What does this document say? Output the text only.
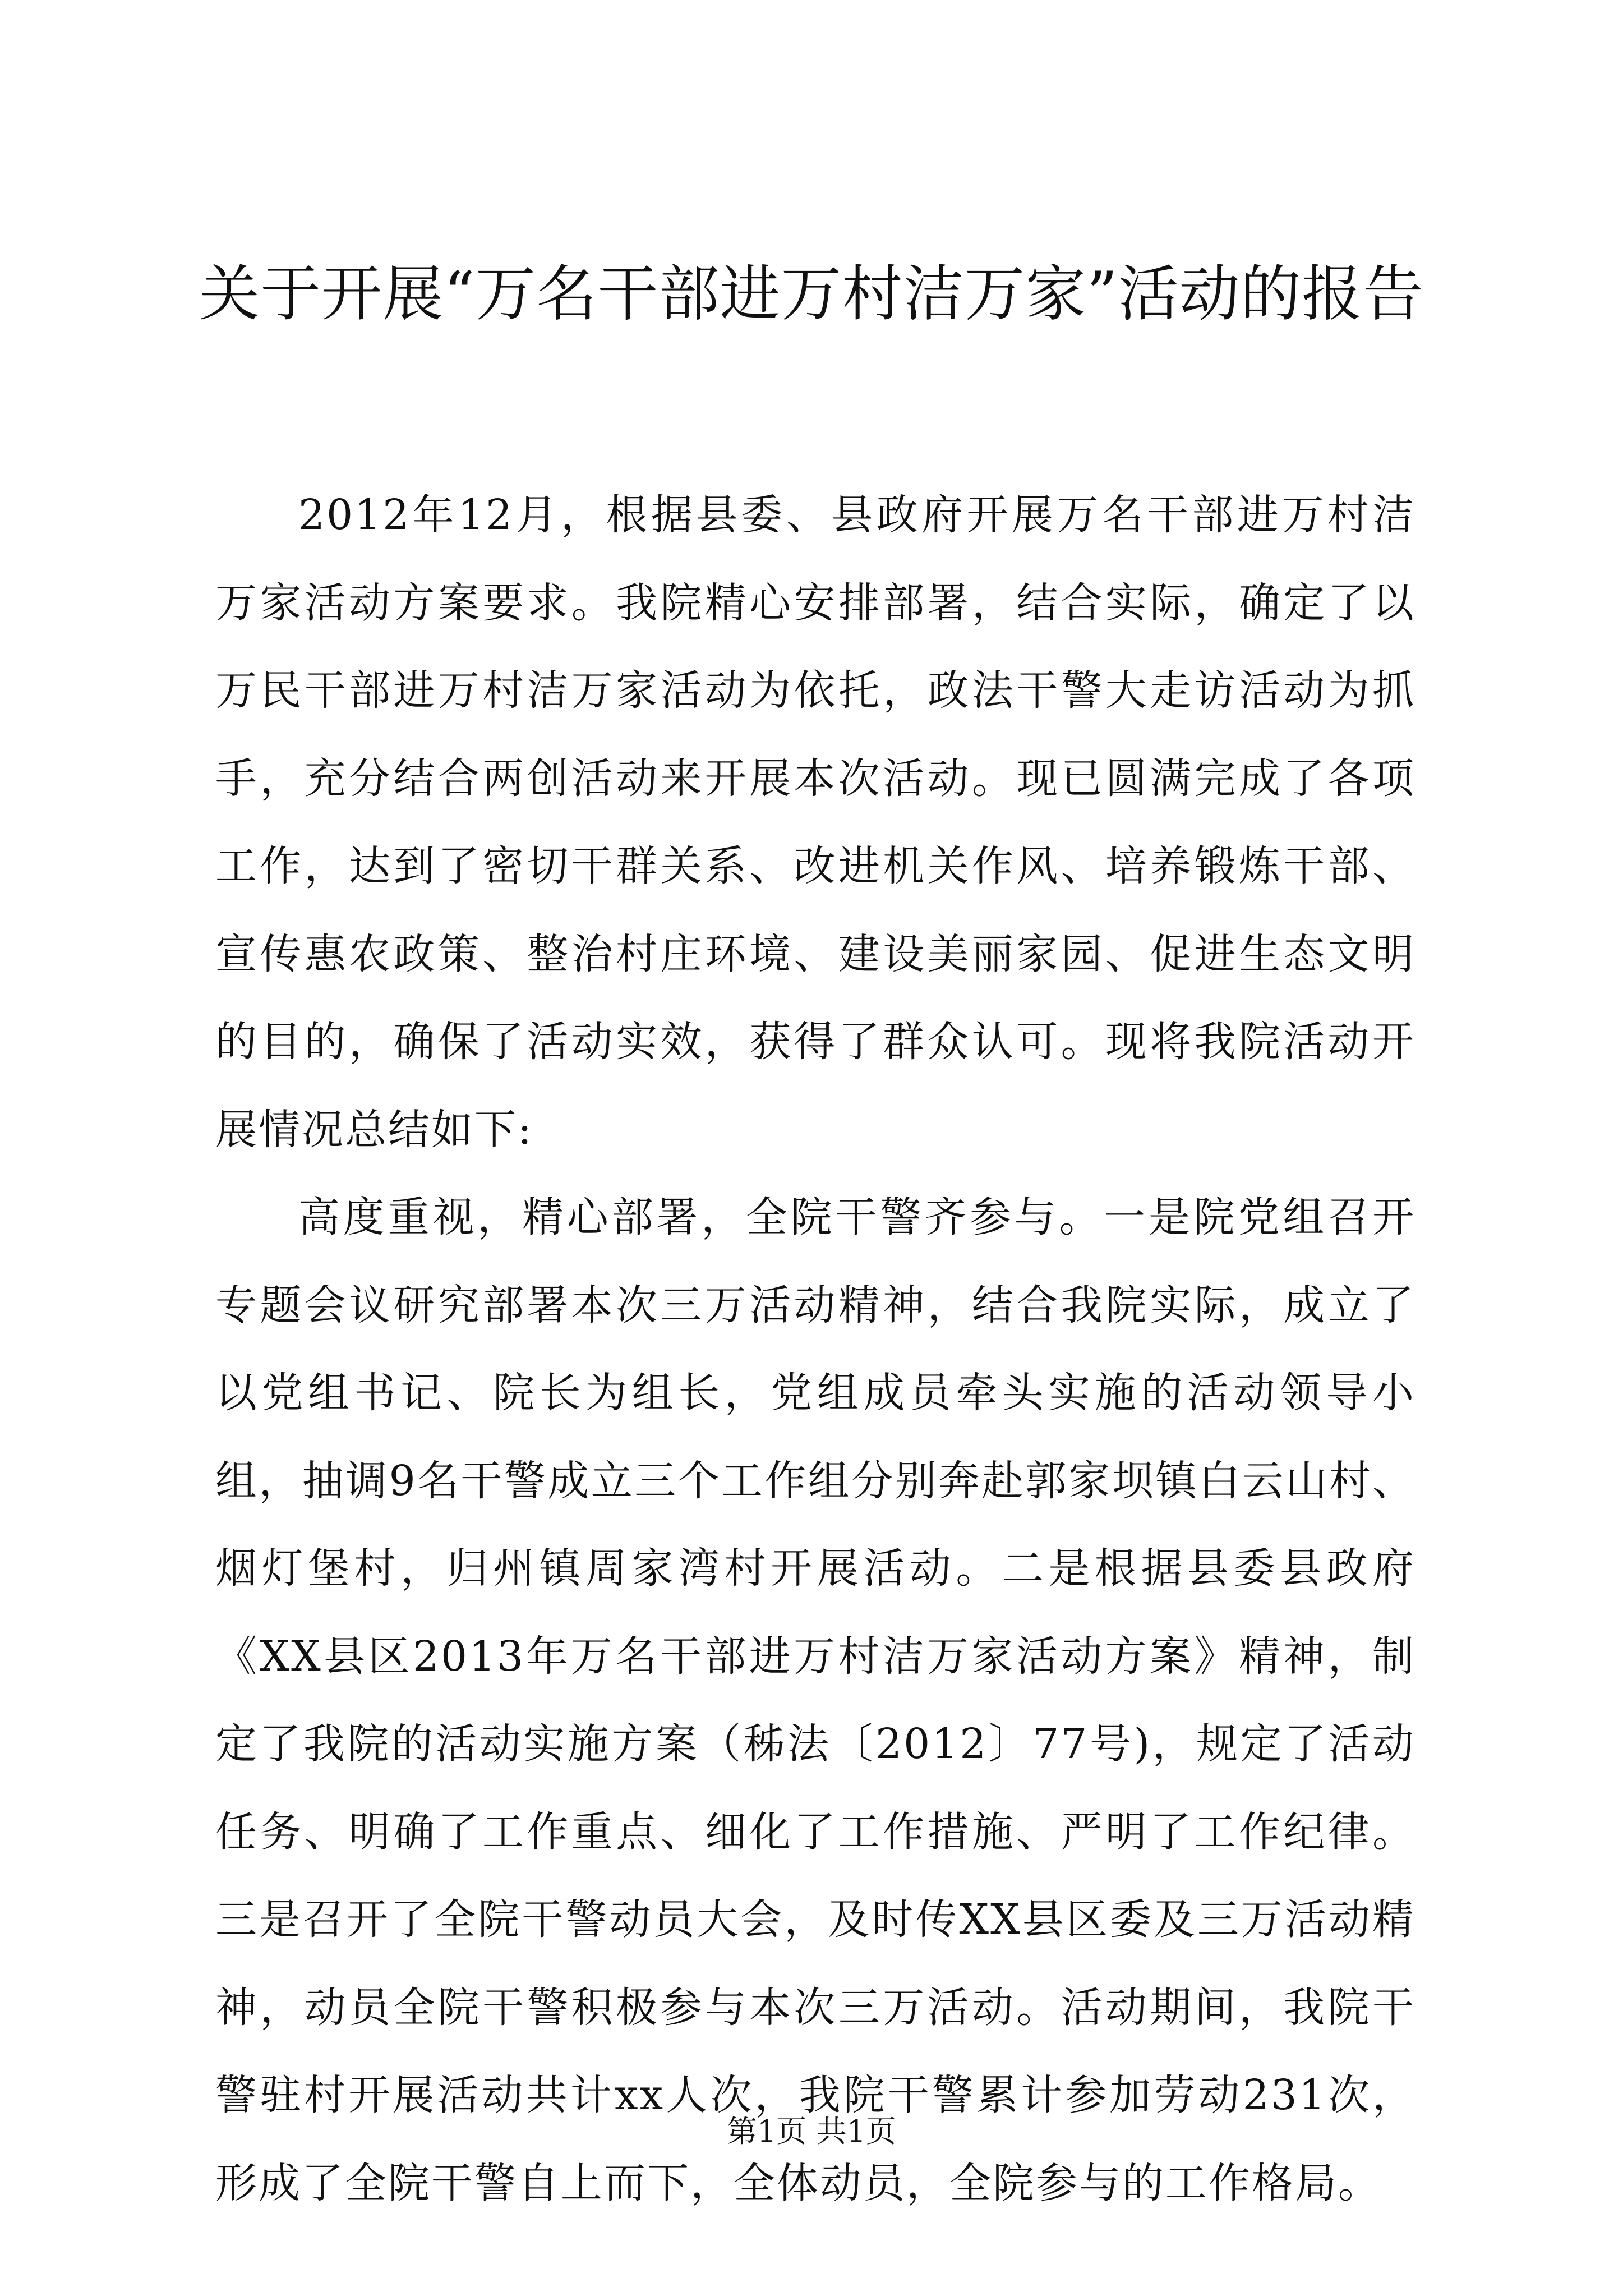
关于开展“万名干部进万村洁万家”活动的报告

2012年12月，根据县委、县政府开展万名干部进万村洁万家活动方案要求。我院精心安排部署，结合实际，确定了以万民干部进万村洁万家活动为依托，政法干警大走访活动为抓手，充分结合两创活动来开展本次活动。现已圆满完成了各项工作，达到了密切干群关系、改进机关作风、培养锻炼干部、宣传惠农政策、整治村庄环境、建设美丽家园、促进生态文明的目的，确保了活动实效，获得了群众认可。现将我院活动开展情况总结如下:

高度重视，精心部署，全院干警齐参与。一是院党组召开专题会议研究部署本次三万活动精神，结合我院实际，成立了以党组书记、院长为组长，党组成员牵头实施的活动领导小组，抽调9名干警成立三个工作组分别奔赴郭家坝镇白云山村、烟灯堡村，归州镇周家湾村开展活动。二是根据县委县政府《XX县区2013年万名干部进万村洁万家活动方案》精神，制定了我院的活动实施方案（秭法〔2012〕77号)，规定了活动任务、明确了工作重点、细化了工作措施、严明了工作纪律。三是召开了全院干警动员大会，及时传XX县区委及三万活动精神，动员全院干警积极参与本次三万活动。活动期间，我院干警驻村开展活动共计xx人次，我院干警累计参加劳动231次，形成了全院干警自上而下，全体动员，全院参与的工作格局。

第1页 共1页
